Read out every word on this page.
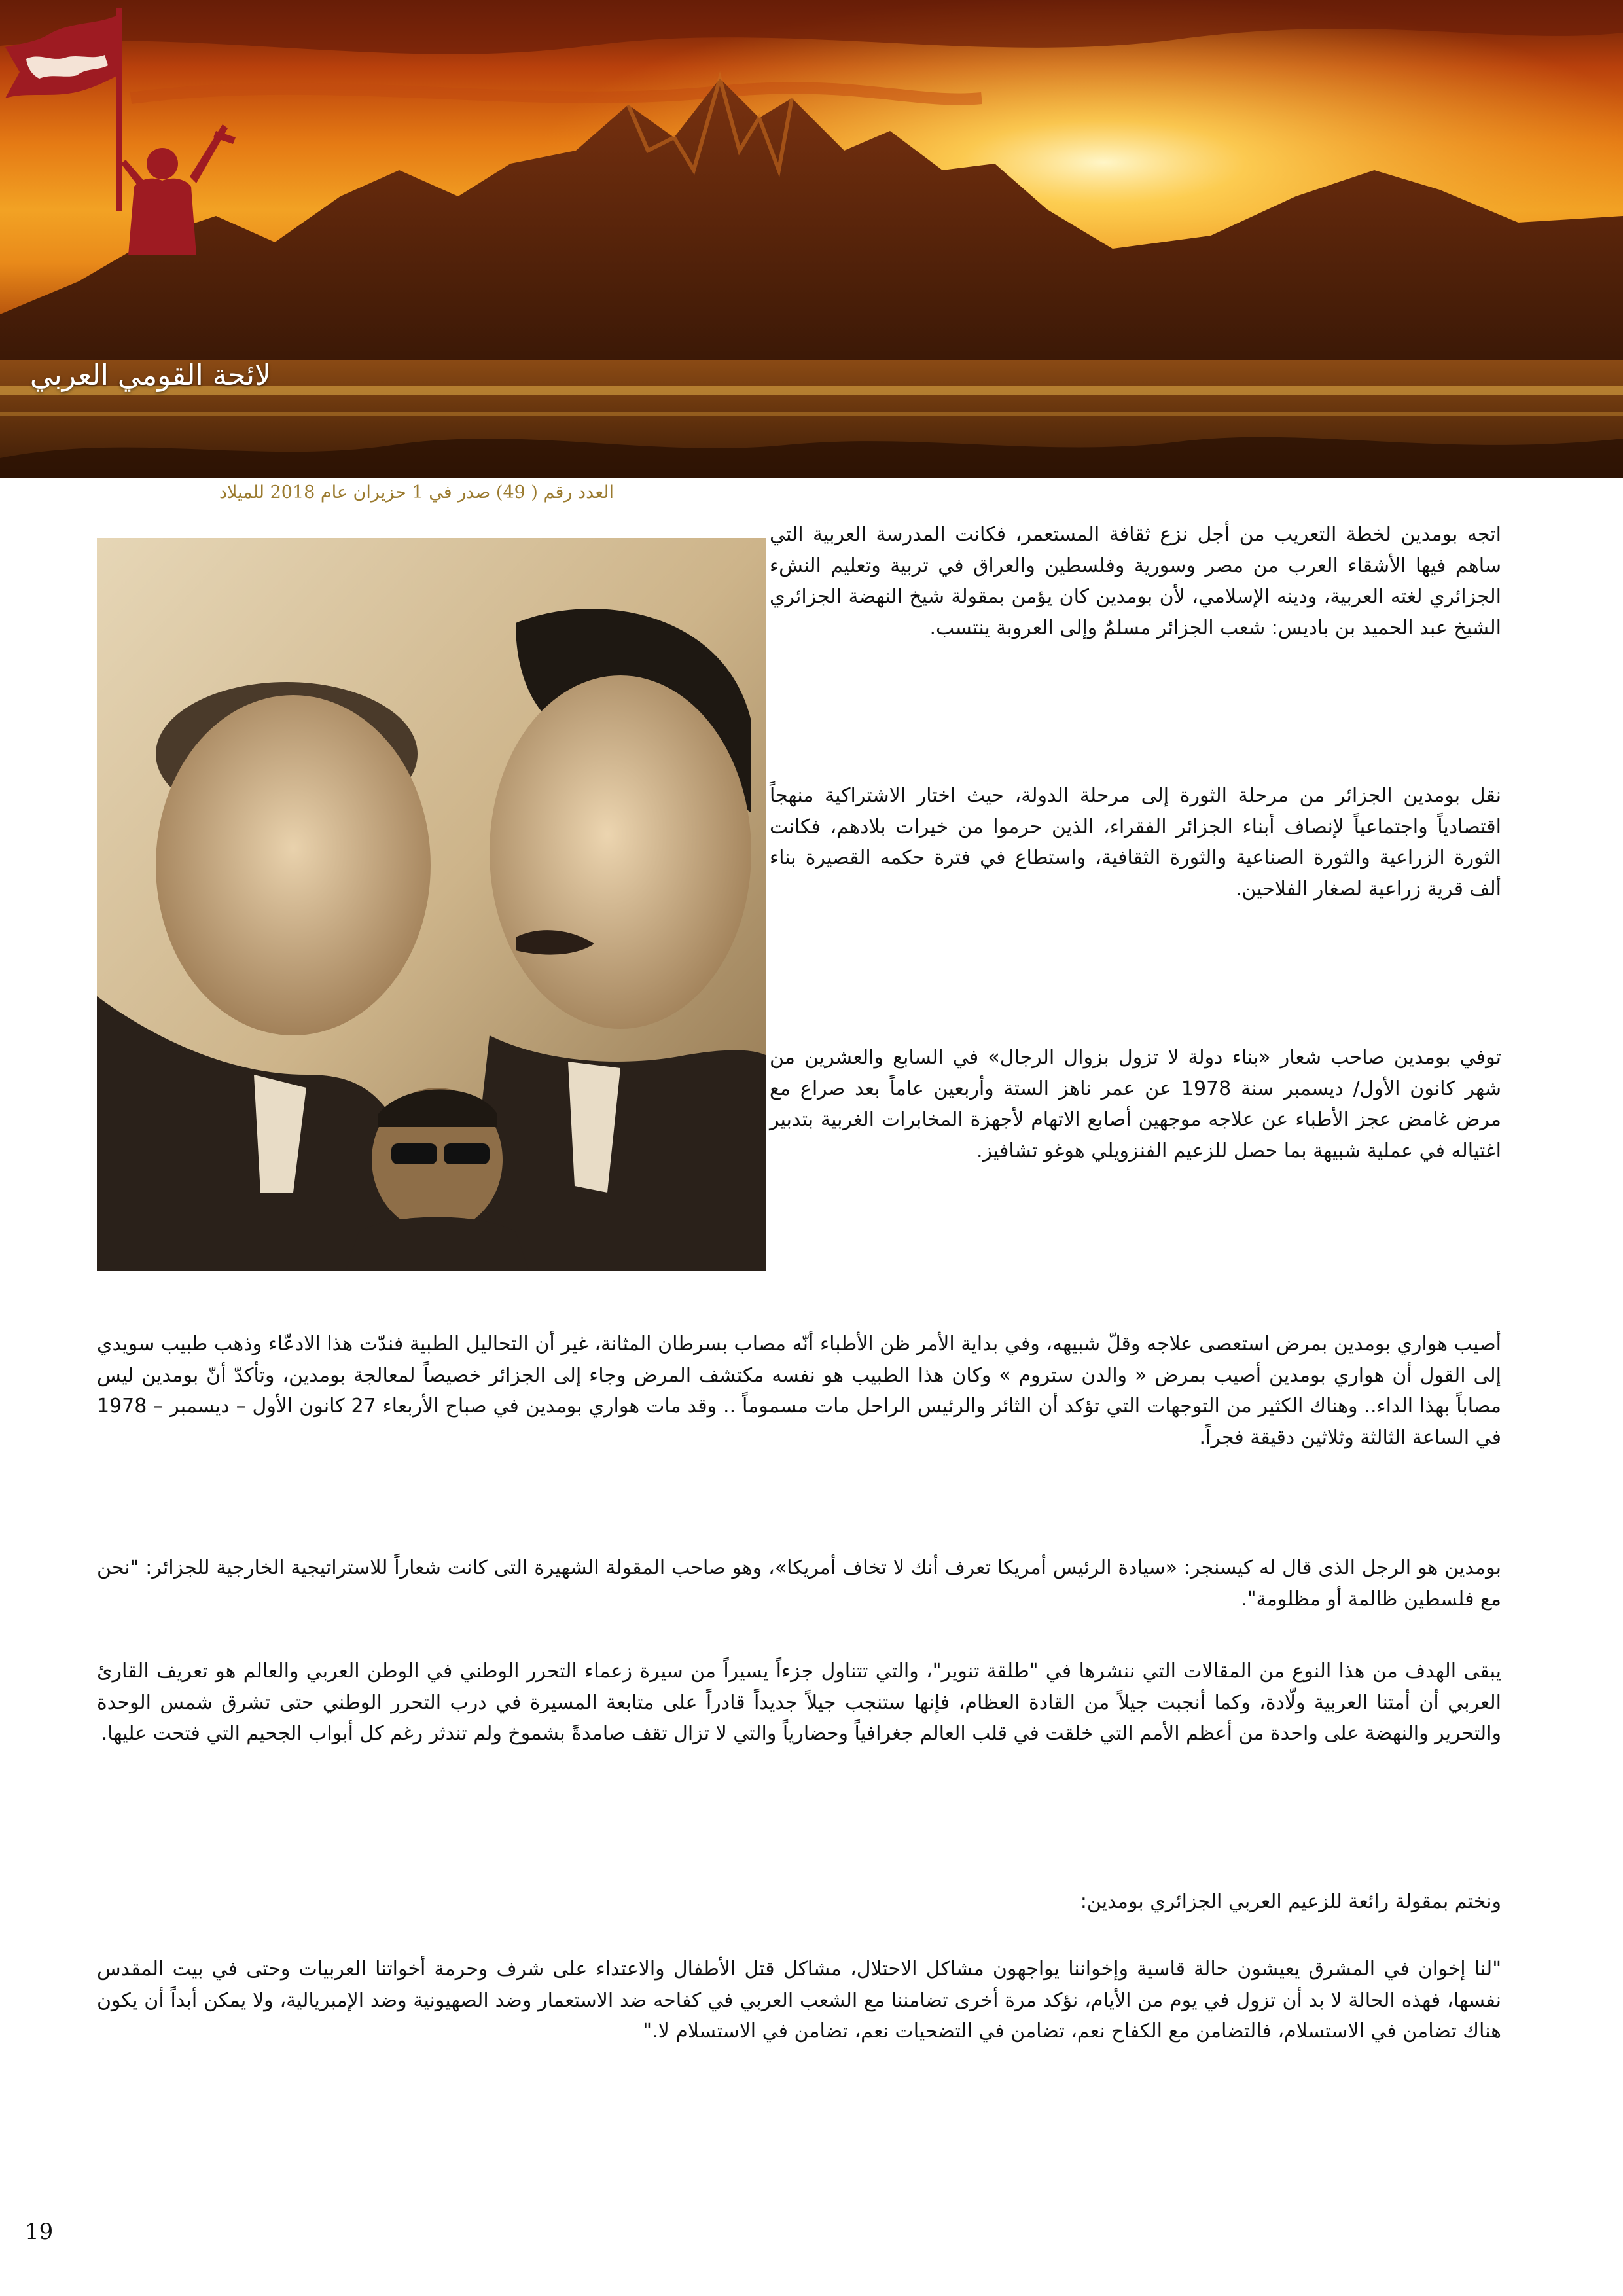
لائحة القومي العربي
العدد رقم ( 49) صدر في 1 حزيران عام 2018 للميلاد

اتجه بومدين لخطة التعريب من أجل نزع ثقافة المستعمر، فكانت المدرسة العربية التي ساهم فيها الأشقاء العرب من مصر وسورية وفلسطين والعراق في تربية وتعليم النشء الجزائري لغته العربية، ودينه الإسلامي، لأن بومدين كان يؤمن بمقولة شيخ النهضة الجزائري الشيخ عبد الحميد بن باديس: شعب الجزائر مسلمٌ وإلى العروبة ينتسب.

نقل بومدين الجزائر من مرحلة الثورة إلى مرحلة الدولة، حيث اختار الاشتراكية منهجاً اقتصادياً واجتماعياً لإنصاف أبناء الجزائر الفقراء، الذين حرموا من خيرات بلادهم، فكانت الثورة الزراعية والثورة الصناعية والثورة الثقافية، واستطاع في فترة حكمه القصيرة بناء ألف قرية زراعية لصغار الفلاحين.

توفي بومدين صاحب شعار «بناء دولة لا تزول بزوال الرجال» في السابع والعشرين من شهر كانون الأول/ ديسمبر سنة 1978 عن عمر ناهز الستة وأربعين عاماً بعد صراع مع مرض غامض عجز الأطباء عن علاجه موجهين أصابع الاتهام لأجهزة المخابرات الغربية بتدبير اغتياله في عملية شبيهة بما حصل للزعيم الفنزويلي هوغو تشافيز.

أصيب هواري بومدين بمرض استعصى علاجه وقلّ شبيهه، وفي بداية الأمر ظن الأطباء أنّه مصاب بسرطان المثانة، غير أن التحاليل الطبية فندّت هذا الادعّاء وذهب طبيب سويدي إلى القول أن هواري بومدين أصيب بمرض « والدن ستروم » وكان هذا الطبيب هو نفسه مكتشف المرض وجاء إلى الجزائر خصيصاً لمعالجة بومدين، وتأكدّ أنّ بومدين ليس مصاباً بهذا الداء.. وهناك الكثير من التوجهات التي تؤكد أن الثائر والرئيس الراحل مات مسموماً .. وقد مات هواري بومدين في صباح الأربعاء 27 كانون الأول – ديسمبر – 1978 في الساعة الثالثة وثلاثين دقيقة فجراً.

بومدين هو الرجل الذى قال له كيسنجر: «سيادة الرئيس أمريكا تعرف أنك لا تخاف أمريكا»، وهو صاحب المقولة الشهيرة التى كانت شعاراً للاستراتيجية الخارجية للجزائر: "نحن مع فلسطين ظالمة أو مظلومة".

يبقى الهدف من هذا النوع من المقالات التي ننشرها في "طلقة تنوير"، والتي تتناول جزءاً يسيراً من سيرة زعماء التحرر الوطني في الوطن العربي والعالم هو تعريف القارئ العربي أن أمتنا العربية ولّادة، وكما أنجبت جيلاً من القادة العظام، فإنها ستنجب جيلاً جديداً قادراً على متابعة المسيرة في درب التحرر الوطني حتى تشرق شمس الوحدة والتحرير والنهضة على واحدة من أعظم الأمم التي خلقت في قلب العالم جغرافياً وحضارياً والتي لا تزال تقف صامدةً بشموخ ولم تندثر رغم كل أبواب الجحيم التي فتحت عليها.

ونختم بمقولة رائعة للزعيم العربي الجزائري بومدين:

"لنا إخوان في المشرق يعيشون حالة قاسية وإخواننا يواجهون مشاكل الاحتلال، مشاكل قتل الأطفال والاعتداء على شرف وحرمة أخواتنا العربيات وحتى في بيت المقدس نفسها، فهذه الحالة لا بد أن تزول في يوم من الأيام، نؤكد مرة أخرى تضامننا مع الشعب العربي في كفاحه ضد الاستعمار وضد الصهيونية وضد الإمبريالية، ولا يمكن أبداً أن يكون هناك تضامن في الاستسلام، فالتضامن مع الكفاح نعم، تضامن في التضحيات نعم، تضامن في الاستسلام لا."

19
